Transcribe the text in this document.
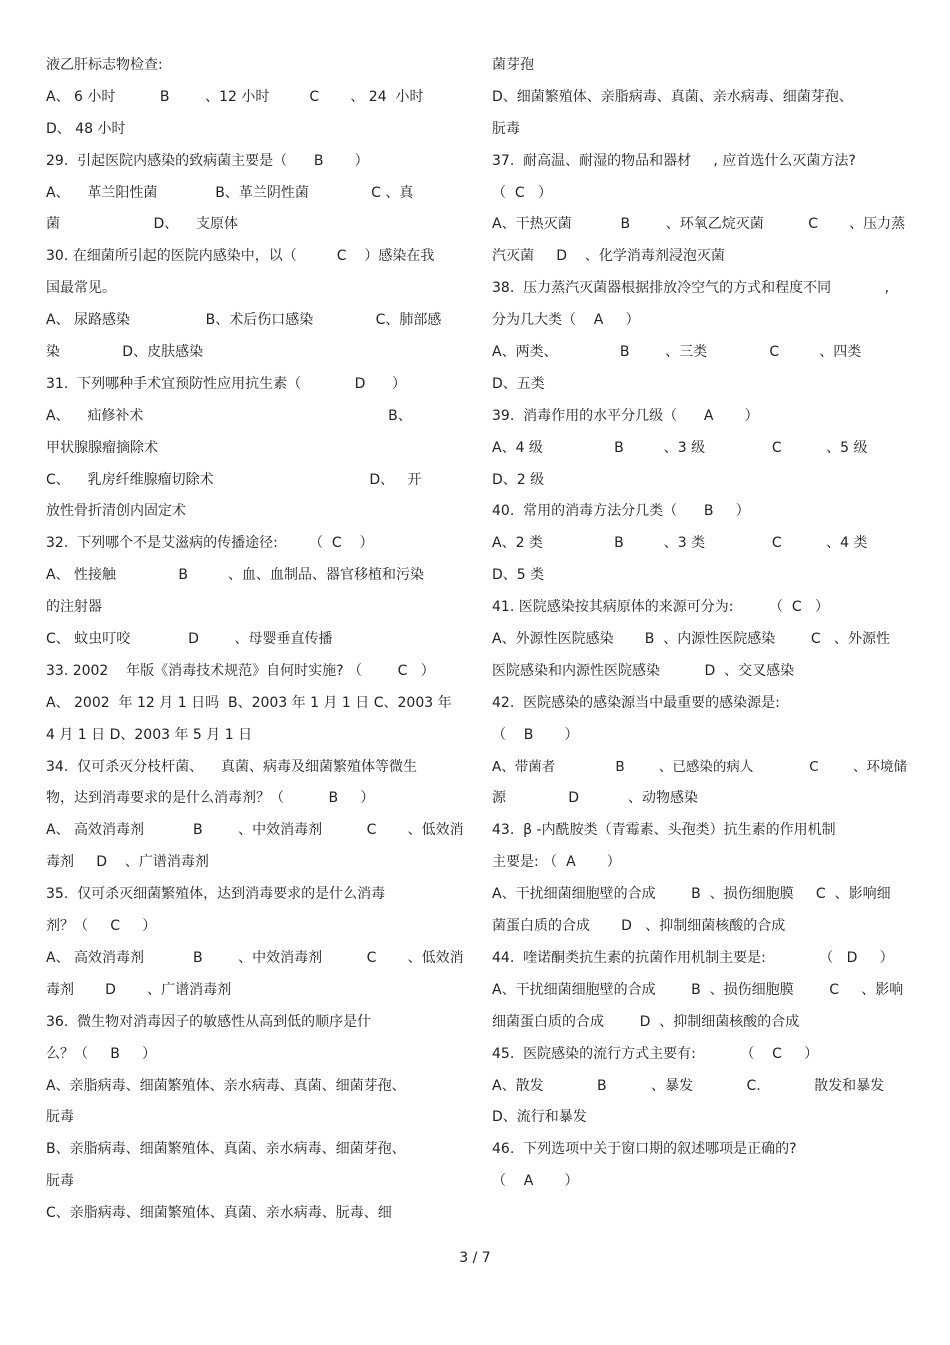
液乙肝标志物检查:
A、 6 小时          B        、12 小时         C       、 24  小时
D、 48 小时
29.  引起医院内感染的致病菌主要是（      B       ）
A、    革兰阳性菌             B、革兰阴性菌              C 、真
菌                     D、    支原体
30. 在细菌所引起的医院内感染中，以（         C    ）感染在我
国最常见。
A、 尿路感染                 B、术后伤口感染              C、肺部感
染              D、皮肤感染
31.  下列哪种手术宜预防性应用抗生素（            D      ）
A、    疝修补术                                                       B、
甲状腺腺瘤摘除术
C、    乳房纤维腺瘤切除术                                   D、   开
放性骨折清创内固定术
32.  下列哪个不是艾滋病的传播途径:       （  C    ）
A、 性接触              B         、血、血制品、器官移植和污染
的注射器
C、 蚊虫叮咬             D        、母婴垂直传播
33. 2002    年版《消毒技术规范》自何时实施? （        C   ）
A、 2002  年 12 月 1 日吗  B、2003 年 1 月 1 日 C、2003 年
4 月 1 日 D、2003 年 5 月 1 日
34.  仅可杀灭分枝杆菌、    真菌、病毒及细菌繁殖体等微生
物，达到消毒要求的是什么消毒剂？（          B     ）
A、 高效消毒剂           B        、中效消毒剂          C       、低效消
毒剂     D    、广谱消毒剂
35.  仅可杀灭细菌繁殖体，达到消毒要求的是什么消毒
剂？（     C     ）
A、 高效消毒剂           B        、中效消毒剂          C       、低效消
毒剂       D       、广谱消毒剂
36.  微生物对消毒因子的敏感性从高到低的顺序是什
么？（     B     ）
A、亲脂病毒、细菌繁殖体、亲水病毒、真菌、细菌芽孢、
朊毒
B、亲脂病毒、细菌繁殖体、真菌、亲水病毒、细菌芽孢、
朊毒
C、亲脂病毒、细菌繁殖体、真菌、亲水病毒、朊毒、细
菌芽孢
D、细菌繁殖体、亲脂病毒、真菌、亲水病毒、细菌芽孢、
朊毒
37.  耐高温、耐湿的物品和器材     , 应首选什么灭菌方法?
（  C   ）
A、干热灭菌           B        、环氧乙烷灭菌          C       、压力蒸
汽灭菌     D    、化学消毒剂浸泡灭菌
38.  压力蒸汽灭菌器根据排放冷空气的方式和程度不同            ,
分为几大类（    A     ）
A、两类、              B        、三类              C         、四类
D、五类
39.  消毒作用的水平分几级（      A       ）
A、4 级                B         、3 级               C          、5 级
D、2 级
40.  常用的消毒方法分几类（      B     ）
A、2 类                B         、3 类               C          、4 类
D、5 类
41. 医院感染按其病原体的来源可分为:        （  C   ）
A、外源性医院感染       B  、内源性医院感染        C   、外源性
医院感染和内源性医院感染          D  、交叉感染
42.  医院感染的感染源当中最重要的感染源是:
（    B       ）
A、带菌者              B        、已感染的病人             C        、环境储
源              D           、动物感染
43.  β -内酰胺类（青霉素、头孢类）抗生素的作用机制
主要是: （  A       ）
A、干扰细菌细胞壁的合成        B  、损伤细胞膜     C  、影响细
菌蛋白质的合成       D   、抑制细菌核酸的合成
44.  喹诺酮类抗生素的抗菌作用机制主要是:            （   D     ）
A、干扰细菌细胞壁的合成        B  、损伤细胞膜        C     、影响
细菌蛋白质的合成        D  、抑制细菌核酸的合成
45.  医院感染的流行方式主要有:          （    C     ）
A、散发            B          、暴发            C.            散发和暴发
D、流行和暴发
46.  下列选项中关于窗口期的叙述哪项是正确的?
（    A       ）
3 / 7
